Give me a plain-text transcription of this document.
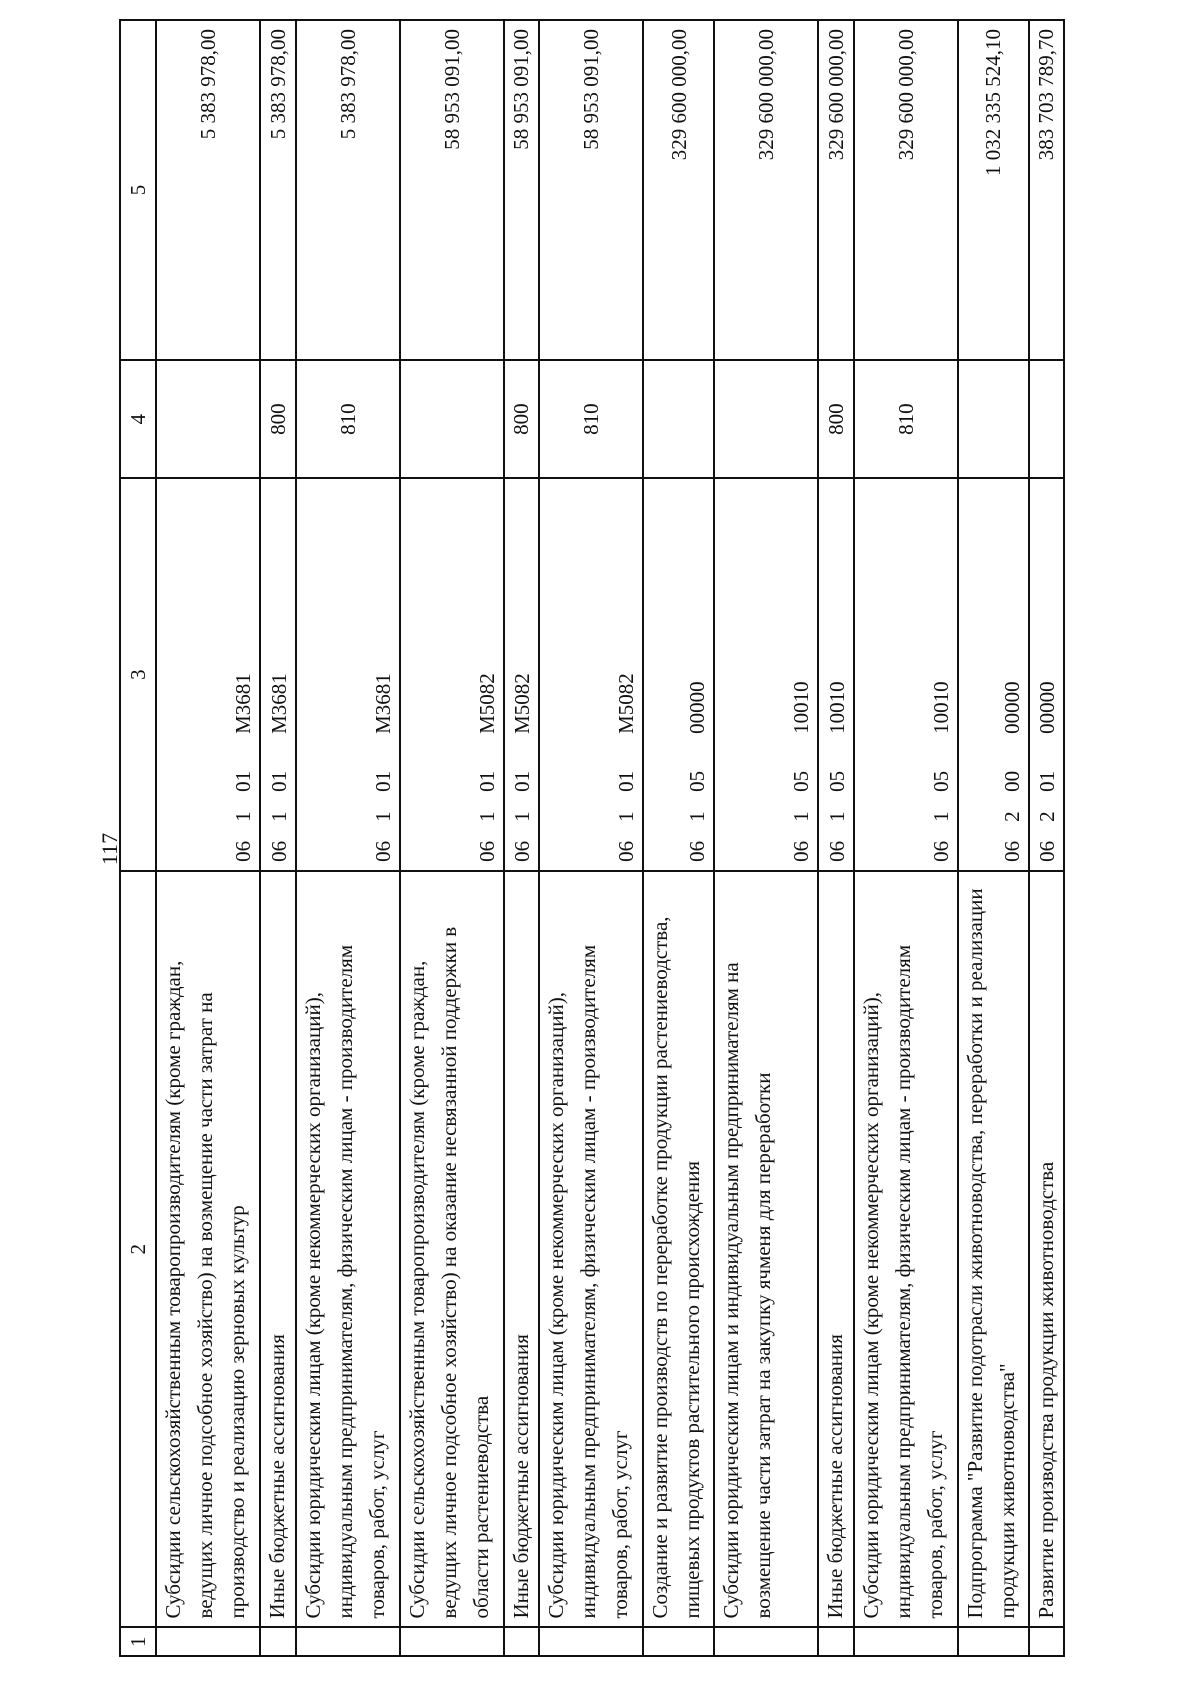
117
1	2	3	4	5
	Субсидии сельскохозяйственным товаропроизводителям (кроме граждан, ведущих личное подсобное хозяйство) на возмещение части затрат на производство и реализацию зерновых культур	06101М3681		5 383 978,00
	Иные бюджетные ассигнования	06101М3681	800	5 383 978,00
	Субсидии юридическим лицам (кроме некоммерческих организаций), индивидуальным предпринимателям, физическим лицам - производителям товаров, работ, услуг	06101М3681	810	5 383 978,00
	Субсидии сельскохозяйственным товаропроизводителям (кроме граждан, ведущих личное подсобное хозяйство) на оказание несвязанной поддержки в области растениеводства	06101М5082		58 953 091,00
	Иные бюджетные ассигнования	06101М5082	800	58 953 091,00
	Субсидии юридическим лицам (кроме некоммерческих организаций), индивидуальным предпринимателям, физическим лицам - производителям товаров, работ, услуг	06101М5082	810	58 953 091,00
	Создание и развитие производств по переработке продукции растениеводства, пищевых продуктов растительного происхождения	0610500000		329 600 000,00
	Субсидии юридическим лицам и индивидуальным предпринимателям на возмещение части затрат на закупку ячменя для переработки	0610510010		329 600 000,00
	Иные бюджетные ассигнования	0610510010	800	329 600 000,00
	Субсидии юридическим лицам (кроме некоммерческих организаций), индивидуальным предпринимателям, физическим лицам - производителям товаров, работ, услуг	0610510010	810	329 600 000,00
	Подпрограмма "Развитие подотрасли животноводства, переработки и реализации продукции животноводства"	0620000000		1 032 335 524,10
	Развитие производства продукции животноводства	0620100000		383 703 789,70
